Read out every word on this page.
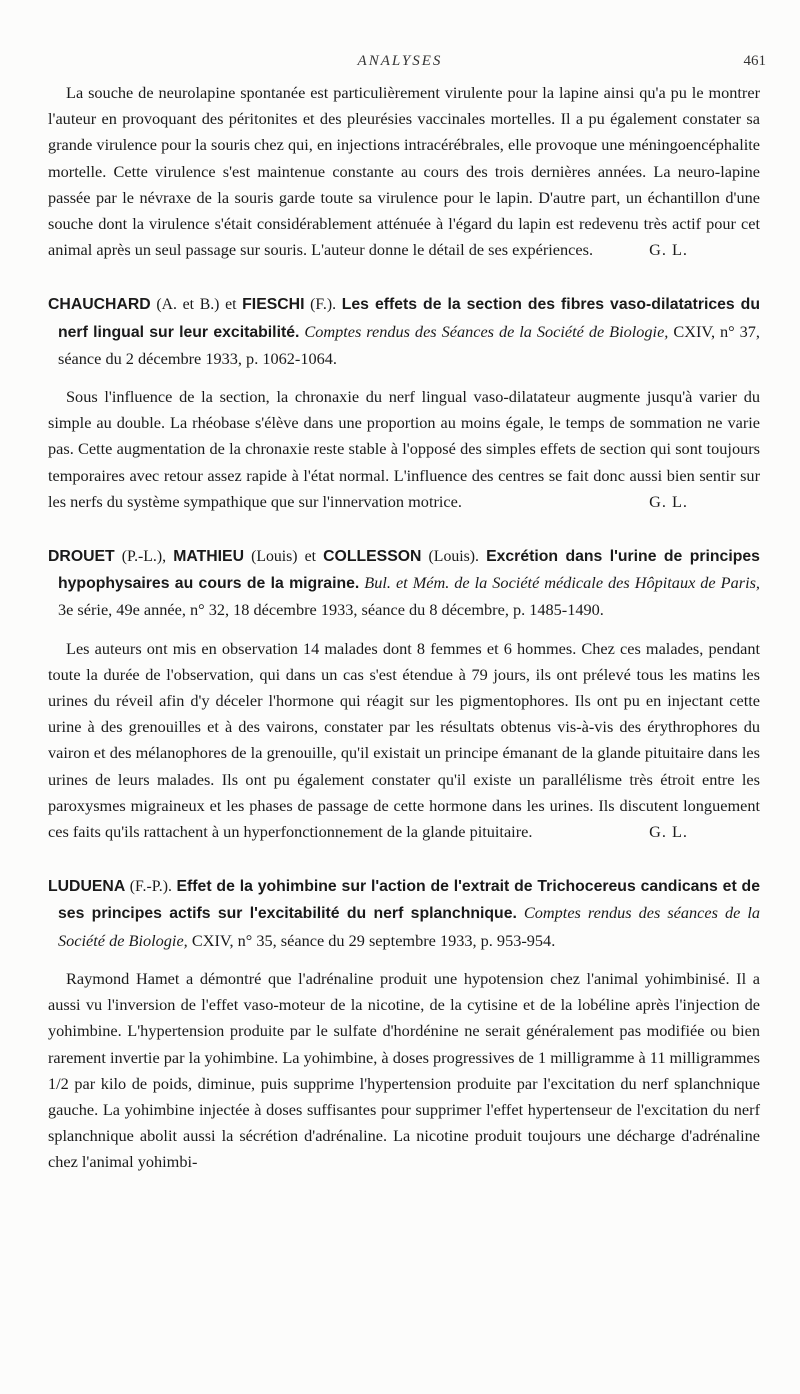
ANALYSES	461

La souche de neurolapine spontanée est particulièrement virulente pour la lapine ainsi qu'a pu le montrer l'auteur en provoquant des péritonites et des pleurésies vaccinales mortelles. Il a pu également constater sa grande virulence pour la souris chez qui, en injections intracérébrales, elle provoque une méningoencéphalite mortelle. Cette virulence s'est maintenue constante au cours des trois dernières années. La neuro-lapine passée par le névraxe de la souris garde toute sa virulence pour le lapin. D'autre part, un échantillon d'une souche dont la virulence s'était considérablement atténuée à l'égard du lapin est redevenu très actif pour cet animal après un seul passage sur souris. L'auteur donne le détail de ses expériences.	G. L.

CHAUCHARD (A. et B.) et FIESCHI (F.). Les effets de la section des fibres vaso-dilatatrices du nerf lingual sur leur excitabilité. Comptes rendus des Séances de la Société de Biologie, CXIV, n° 37, séance du 2 décembre 1933, p. 1062-1064.

Sous l'influence de la section, la chronaxie du nerf lingual vaso-dilatateur augmente jusqu'à varier du simple au double. La rhéobase s'élève dans une proportion au moins égale, le temps de sommation ne varie pas. Cette augmentation de la chronaxie reste stable à l'opposé des simples effets de section qui sont toujours temporaires avec retour assez rapide à l'état normal. L'influence des centres se fait donc aussi bien sentir sur les nerfs du système sympathique que sur l'innervation motrice.	G. L.

DROUET (P.-L.), MATHIEU (Louis) et COLLESSON (Louis). Excrétion dans l'urine de principes hypophysaires au cours de la migraine. Bul. et Mém. de la Société médicale des Hôpitaux de Paris, 3e série, 49e année, n° 32, 18 décembre 1933, séance du 8 décembre, p. 1485-1490.

Les auteurs ont mis en observation 14 malades dont 8 femmes et 6 hommes. Chez ces malades, pendant toute la durée de l'observation, qui dans un cas s'est étendue à 79 jours, ils ont prélevé tous les matins les urines du réveil afin d'y déceler l'hormone qui réagit sur les pigmentophores. Ils ont pu en injectant cette urine à des grenouilles et à des vairons, constater par les résultats obtenus vis-à-vis des érythrophores du vairon et des mélanophores de la grenouille, qu'il existait un principe émanant de la glande pituitaire dans les urines de leurs malades. Ils ont pu également constater qu'il existe un parallélisme très étroit entre les paroxysmes migraineux et les phases de passage de cette hormone dans les urines. Ils discutent longuement ces faits qu'ils rattachent à un hyperfonctionnement de la glande pituitaire.	G. L.

LUDUENA (F.-P.). Effet de la yohimbine sur l'action de l'extrait de Trichocereus candicans et de ses principes actifs sur l'excitabilité du nerf splanchnique. Comptes rendus des séances de la Société de Biologie, CXIV, n° 35, séance du 29 septembre 1933, p. 953-954.

Raymond Hamet a démontré que l'adrénaline produit une hypotension chez l'animal yohimbinisé. Il a aussi vu l'inversion de l'effet vaso-moteur de la nicotine, de la cytisine et de la lobéline après l'injection de yohimbine. L'hypertension produite par le sulfate d'hordénine ne serait généralement pas modifiée ou bien rarement invertie par la yohimbine. La yohimbine, à doses progressives de 1 milligramme à 11 milligrammes 1/2 par kilo de poids, diminue, puis supprime l'hypertension produite par l'excitation du nerf splanchnique gauche. La yohimbine injectée à doses suffisantes pour supprimer l'effet hypertenseur de l'excitation du nerf splanchnique abolit aussi la sécrétion d'adrénaline. La nicotine produit toujours une décharge d'adrénaline chez l'animal yohimbi-
